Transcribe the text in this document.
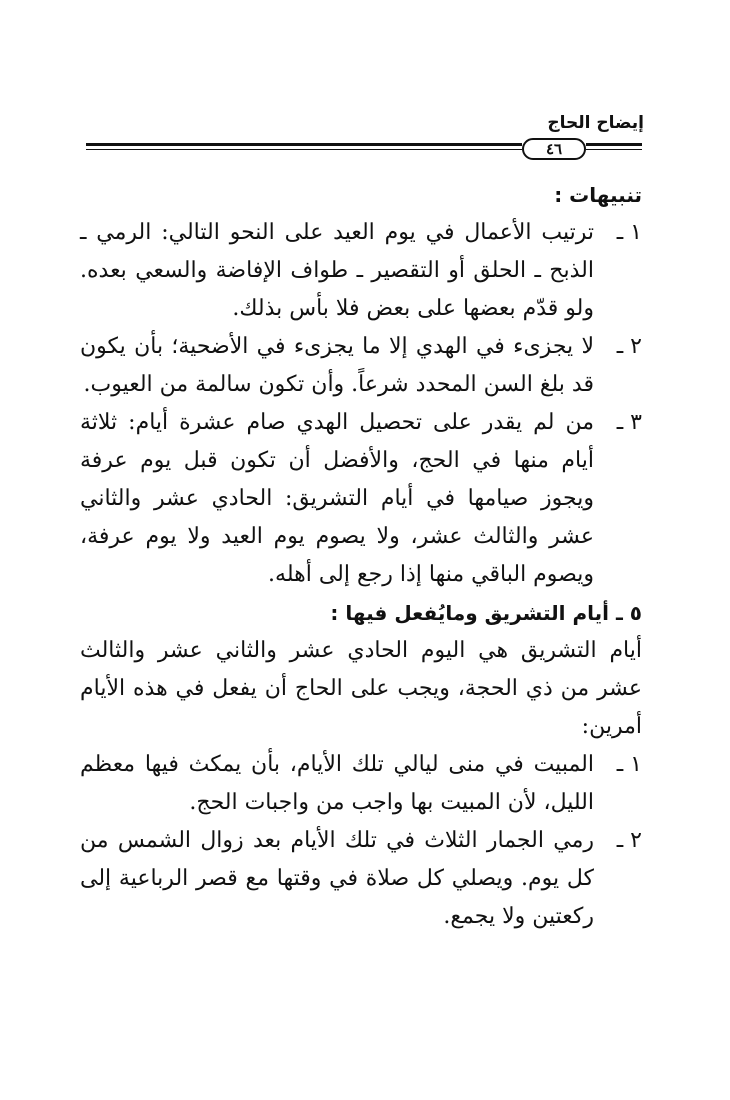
إيضاح الحاج
٤٦

تنبيهات :

١ ـترتيب الأعمال في يوم العيد على النحو التالي: الرمي ـ الذبح ـ الحلق أو التقصير ـ طواف الإفاضة والسعي بعده. ولو قدّم بعضها على بعض فلا بأس بذلك.

٢ ـلا يجزىء في الهدي إلا ما يجزىء في الأضحية؛ بأن يكون قد بلغ السن المحدد شرعاً. وأن تكون سالمة من العيوب.

٣ ـمن لم يقدر على تحصيل الهدي صام عشرة أيام: ثلاثة أيام منها في الحج، والأفضل أن تكون قبل يوم عرفة ويجوز صيامها في أيام التشريق: الحادي عشر والثاني عشر والثالث عشر، ولا يصوم يوم العيد ولا يوم عرفة، ويصوم الباقي منها إذا رجع إلى أهله.

٥ ـ أيام التشريق ومايُفعل فيها :

أيام التشريق هي اليوم الحادي عشر والثاني عشر والثالث عشر من ذي الحجة، ويجب على الحاج أن يفعل في هذه الأيام أمرين:

١ ـالمبيت في منى ليالي تلك الأيام، بأن يمكث فيها معظم الليل، لأن المبيت بها واجب من واجبات الحج.

٢ ـرمي الجمار الثلاث في تلك الأيام بعد زوال الشمس من كل يوم. ويصلي كل صلاة في وقتها مع قصر الرباعية إلى ركعتين ولا يجمع.
